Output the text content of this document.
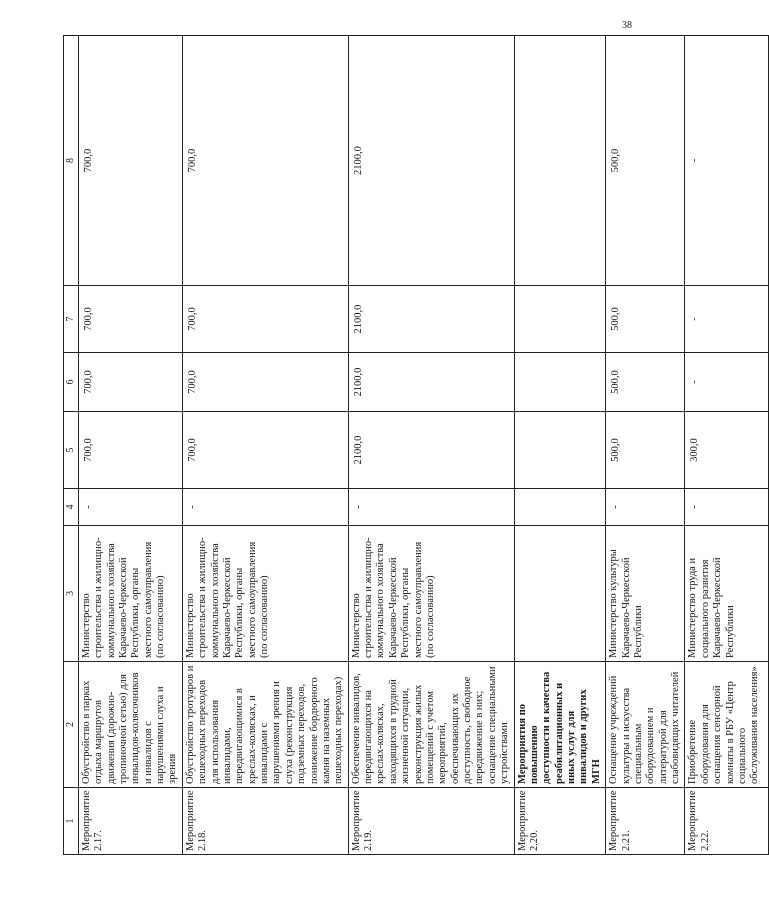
38
1	2	3	4	5	6	7	8
Мероприятие 2.17.	Обустройство в парках отдыха маршрутов движения (дорожно-тропиночной сетью) для инвалидов-колясочников и инвалидов с нарушениями слуха и зрения	Министерство строительства и жилищно-коммунального хозяйства Карачаево-Черкесской Республики, органы местного самоуправления (по согласованию)	-	700,0	700,0	700,0	700,0
Мероприятие 2.18.	Обустройство тротуаров и пешеходных переходов для использования инвалидами, передвигающимися в креслах-колясках, и инвалидами с нарушениями зрения и слуха (реконструкция подземных переходов, понижение бордюрного камня на наземных пешеходных переходах)	Министерство строительства и жилищно-коммунального хозяйства Карачаево-Черкесской Республики, органы местного самоуправления (по согласованию)	-	700,0	700,0	700,0	700,0
Мероприятие 2.19.	Обеспечение инвалидов, передвигающихся на креслах-колясках, находящихся в трудной жизненной ситуации, реконструкция жилых помещений с учетом мероприятий, обеспечивающих их доступность, свободное передвижение в них; оснащение специальными устройствами	Министерство строительства и жилищно-коммунального хозяйства Карачаево-Черкесской Республики, органы местного самоуправления (по согласованию)	-	2100,0	2100,0	2100,0	2100,0
Мероприятие 2.20.	Мероприятия по повышению доступности и качества реабилитационных и иных услуг для инвалидов и других МГН						
Мероприятие 2.21.	Оснащение учреждений культуры и искусства специальным оборудованием и литературой для слабовидящих читателей	Министерство культуры Карачаево-Черкесской Республики	-	500,0	500,0	500,0	500,0
Мероприятие 2.22.	Приобретение оборудования для оснащения сенсорной комнаты в РБУ «Центр социального обслуживания населения»	Министерство труда и социального развития Карачаево-Черкесской Республики	-	300,0	-	-	-
